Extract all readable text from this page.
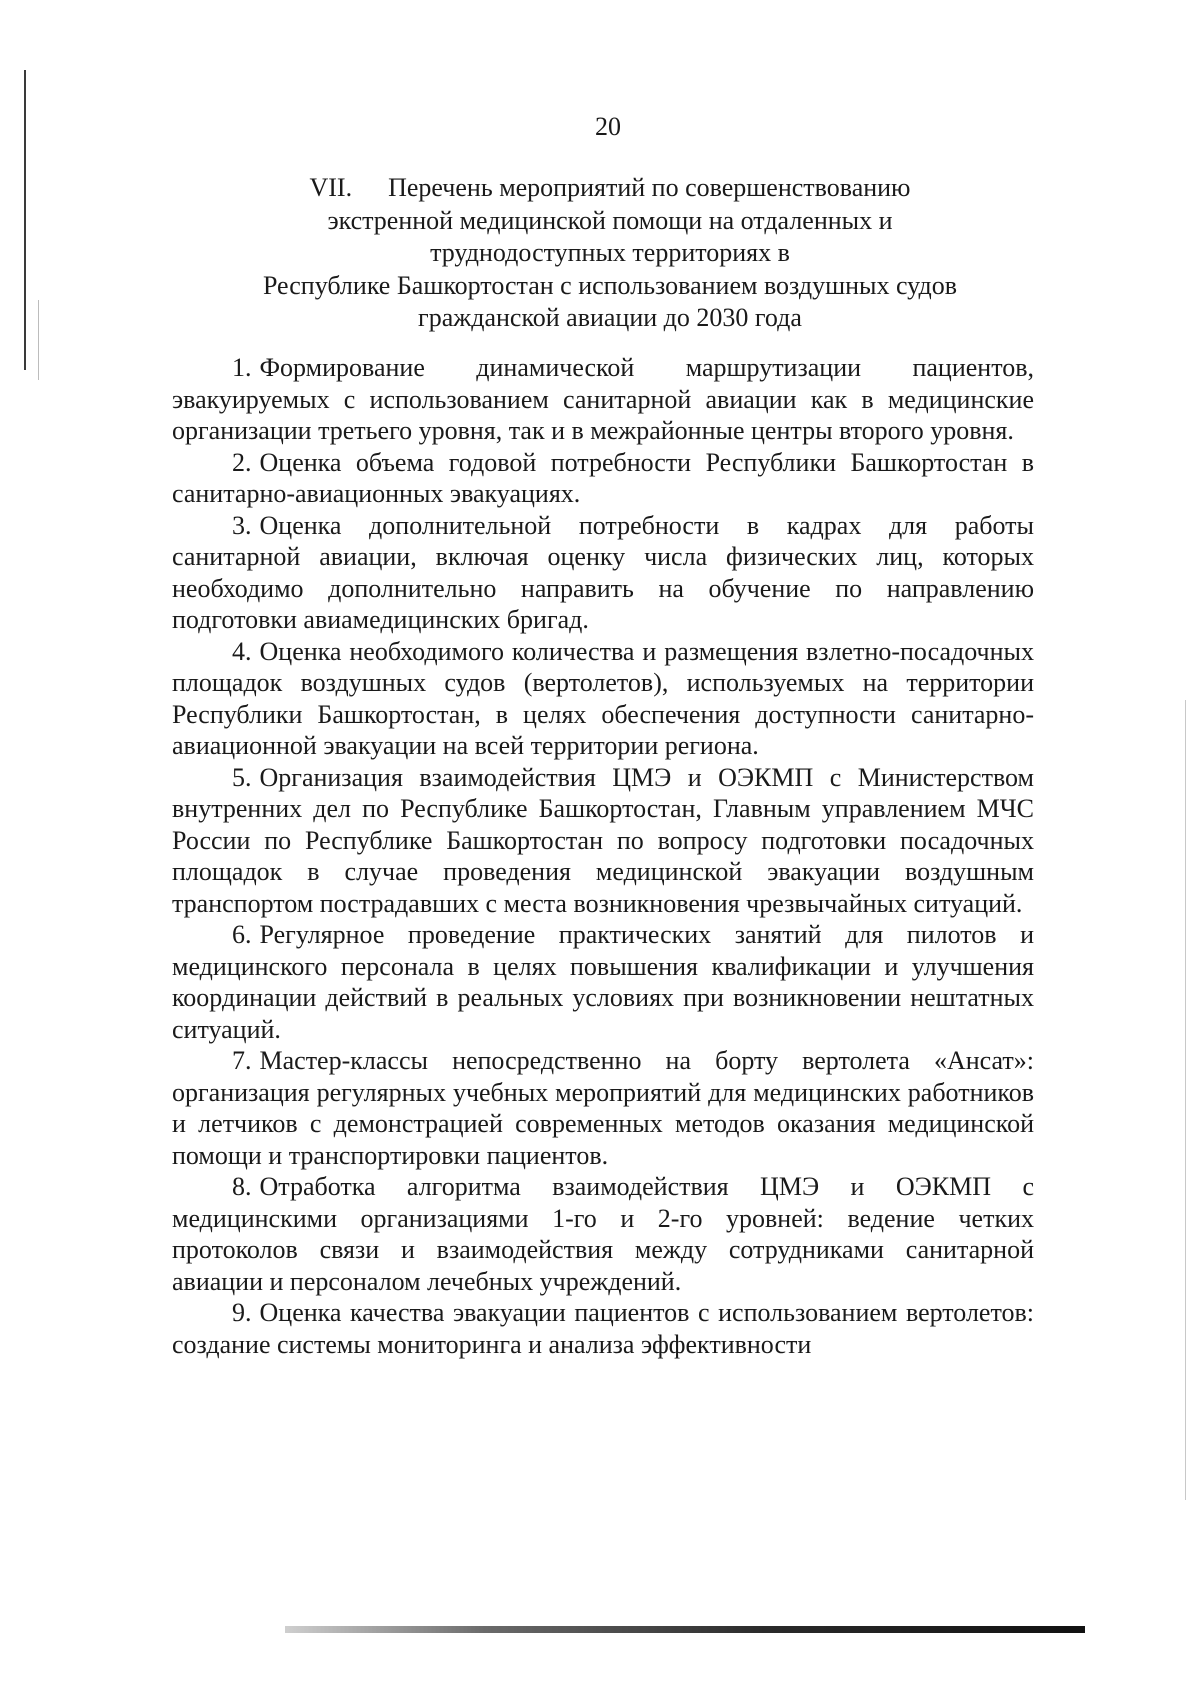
20
VII. Перечень мероприятий по совершенствованию
экстренной медицинской помощи на отдаленных и
труднодоступных территориях в
Республике Башкортостан с использованием воздушных судов
гражданской авиации до 2030 года

1. Формирование динамической маршрутизации пациентов, эвакуируемых с использованием санитарной авиации как в медицинские организации третьего уровня, так и в межрайонные центры второго уровня.

2. Оценка объема годовой потребности Республики Башкортостан в санитарно-авиационных эвакуациях.

3. Оценка дополнительной потребности в кадрах для работы санитарной авиации, включая оценку числа физических лиц, которых необходимо дополнительно направить на обучение по направлению подготовки авиамедицинских бригад.

4. Оценка необходимого количества и размещения взлетно-посадочных площадок воздушных судов (вертолетов), используемых на территории Республики Башкортостан, в целях обеспечения доступности санитарно-авиационной эвакуации на всей территории региона.

5. Организация взаимодействия ЦМЭ и ОЭКМП с Министерством внутренних дел по Республике Башкортостан, Главным управлением МЧС России по Республике Башкортостан по вопросу подготовки посадочных площадок в случае проведения медицинской эвакуации воздушным транспортом пострадавших с места возникновения чрезвычайных ситуаций.

6. Регулярное проведение практических занятий для пилотов и медицинского персонала в целях повышения квалификации и улучшения координации действий в реальных условиях при возникновении нештатных ситуаций.

7. Мастер-классы непосредственно на борту вертолета «Ансат»: организация регулярных учебных мероприятий для медицинских работников и летчиков с демонстрацией современных методов оказания медицинской помощи и транспортировки пациентов.

8. Отработка алгоритма взаимодействия ЦМЭ и ОЭКМП с медицинскими организациями 1-го и 2-го уровней: ведение четких протоколов связи и взаимодействия между сотрудниками санитарной авиации и персоналом лечебных учреждений.

9. Оценка качества эвакуации пациентов с использованием вертолетов: создание системы мониторинга и анализа эффективности
